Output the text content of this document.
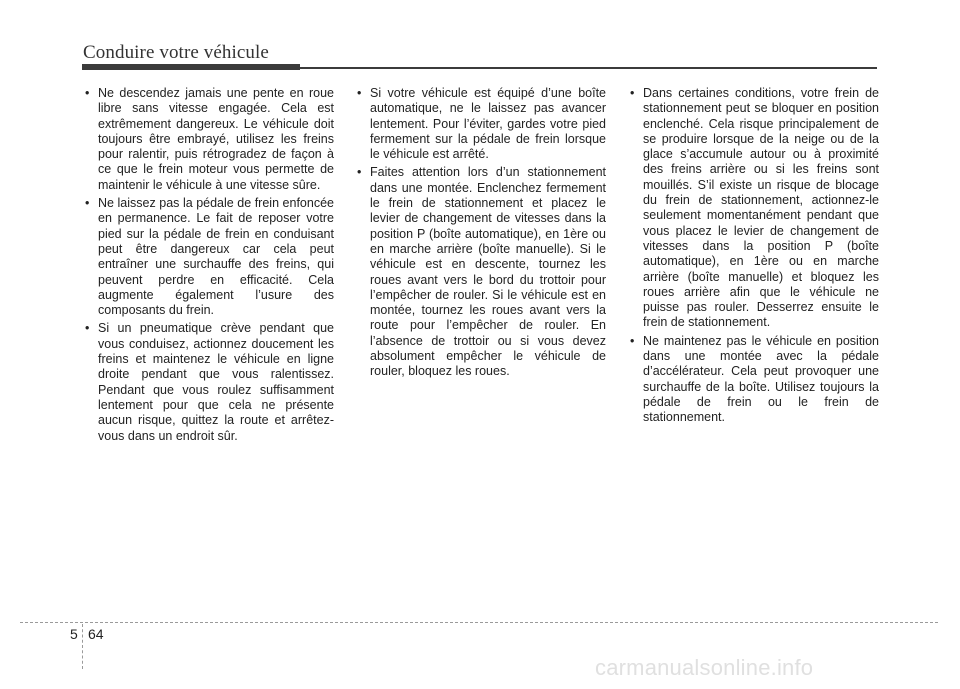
Conduire votre véhicule
• Ne descendez jamais une pente en roue libre sans vitesse engagée. Cela est extrêmement dangereux. Le véhicule doit toujours être embrayé, utilisez les freins pour ralentir, puis rétrogradez de façon à ce que le frein moteur vous permette de maintenir le véhicule à une vitesse sûre.
• Ne laissez pas la pédale de frein enfoncée en permanence. Le fait de reposer votre pied sur la pédale de frein en conduisant peut être dangereux car cela peut entraîner une surchauffe des freins, qui peuvent perdre en efficacité. Cela augmente également l’usure des composants du frein.
• Si un pneumatique crève pendant que vous conduisez, actionnez doucement les freins et maintenez le véhicule en ligne droite pendant que vous ralentissez. Pendant que vous roulez suffisamment lentement pour que cela ne présente aucun risque, quittez la route et arrêtez-vous dans un endroit sûr.
• Si votre véhicule est équipé d’une boîte automatique, ne le laissez pas avancer lentement. Pour l’éviter, gardes votre pied fermement sur la pédale de frein lorsque le véhicule est arrêté.
• Faites attention lors d’un stationnement dans une montée. Enclenchez fermement le frein de stationnement et placez le levier de changement de vitesses dans la position P (boîte automatique), en 1ère ou en marche arrière (boîte manuelle). Si le véhicule est en descente, tournez les roues avant vers le bord du trottoir pour l’empêcher de rouler. Si le véhicule est en montée, tournez les roues avant vers la route pour l’empêcher de rouler. En l’absence de trottoir ou si vous devez absolument empêcher le véhicule de rouler, bloquez les roues.
• Dans certaines conditions, votre frein de stationnement peut se bloquer en position enclenché. Cela risque principalement de se produire lorsque de la neige ou de la glace s’accumule autour ou à proximité des freins arrière ou si les freins sont mouillés. S’il existe un risque de blocage du frein de stationnement, actionnez-le seulement momentanément pendant que vous placez le levier de changement de vitesses dans la position P (boîte automatique), en 1ère ou en marche arrière (boîte manuelle) et bloquez les roues arrière afin que le véhicule ne puisse pas rouler. Desserrez ensuite le frein de stationnement.
• Ne maintenez pas le véhicule en position dans une montée avec la pédale d’accélérateur. Cela peut provoquer une surchauffe de la boîte. Utilisez toujours la pédale de frein ou le frein de stationnement.
5 64
carmanualsonline.info
